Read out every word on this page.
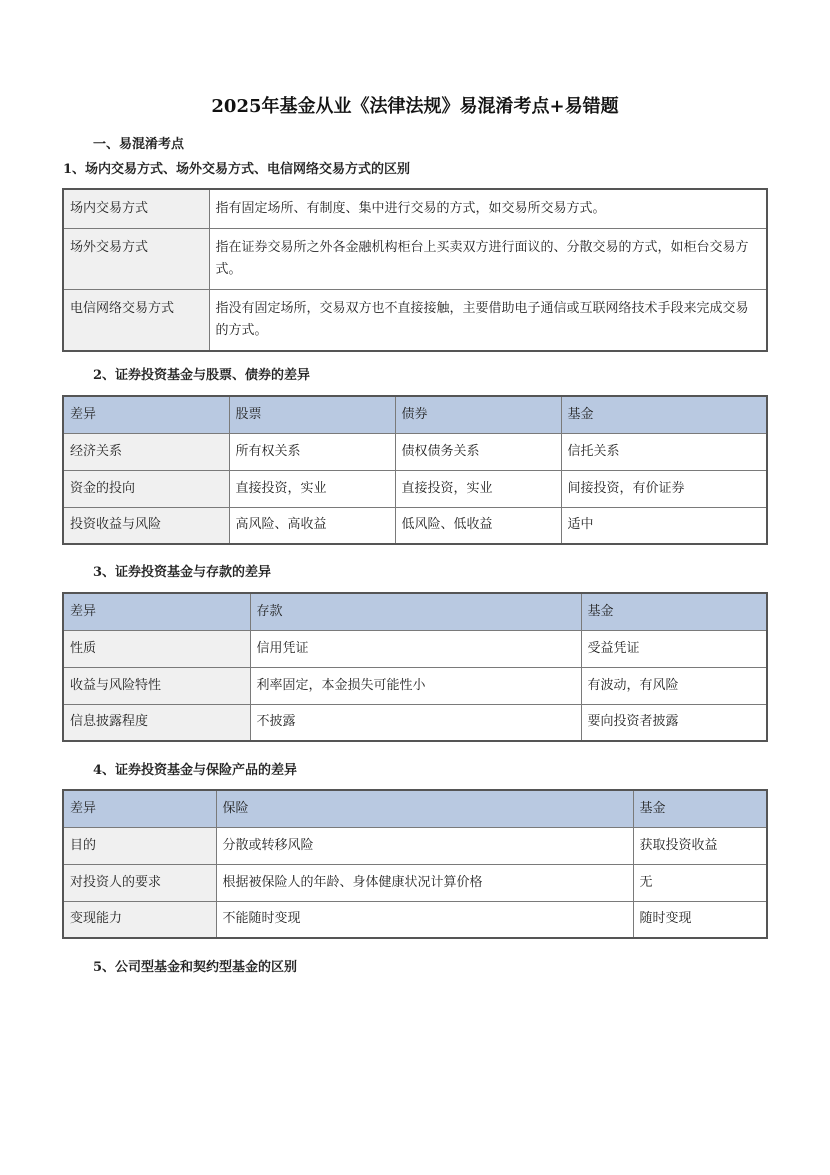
2025年基金从业《法律法规》易混淆考点+易错题
一、易混淆考点
1、场内交易方式、场外交易方式、电信网络交易方式的区别
场内交易方式	指有固定场所、有制度、集中进行交易的方式，如交易所交易方式。
场外交易方式	指在证券交易所之外各金融机构柜台上买卖双方进行面议的、分散交易的方式，如柜台交易方式。
电信网络交易方式	指没有固定场所，交易双方也不直接接触，主要借助电子通信或互联网络技术手段来完成交易的方式。
2、证券投资基金与股票、债券的差异
差异	股票	债券	基金
经济关系	所有权关系	债权债务关系	信托关系
资金的投向	直接投资，实业	直接投资，实业	间接投资，有价证券
投资收益与风险	高风险、高收益	低风险、低收益	适中
3、证券投资基金与存款的差异
差异	存款	基金
性质	信用凭证	受益凭证
收益与风险特性	利率固定，本金损失可能性小	有波动，有风险
信息披露程度	不披露	要向投资者披露
4、证券投资基金与保险产品的差异
差异	保险	基金
目的	分散或转移风险	获取投资收益
对投资人的要求	根据被保险人的年龄、身体健康状况计算价格	无
变现能力	不能随时变现	随时变现
5、公司型基金和契约型基金的区别
